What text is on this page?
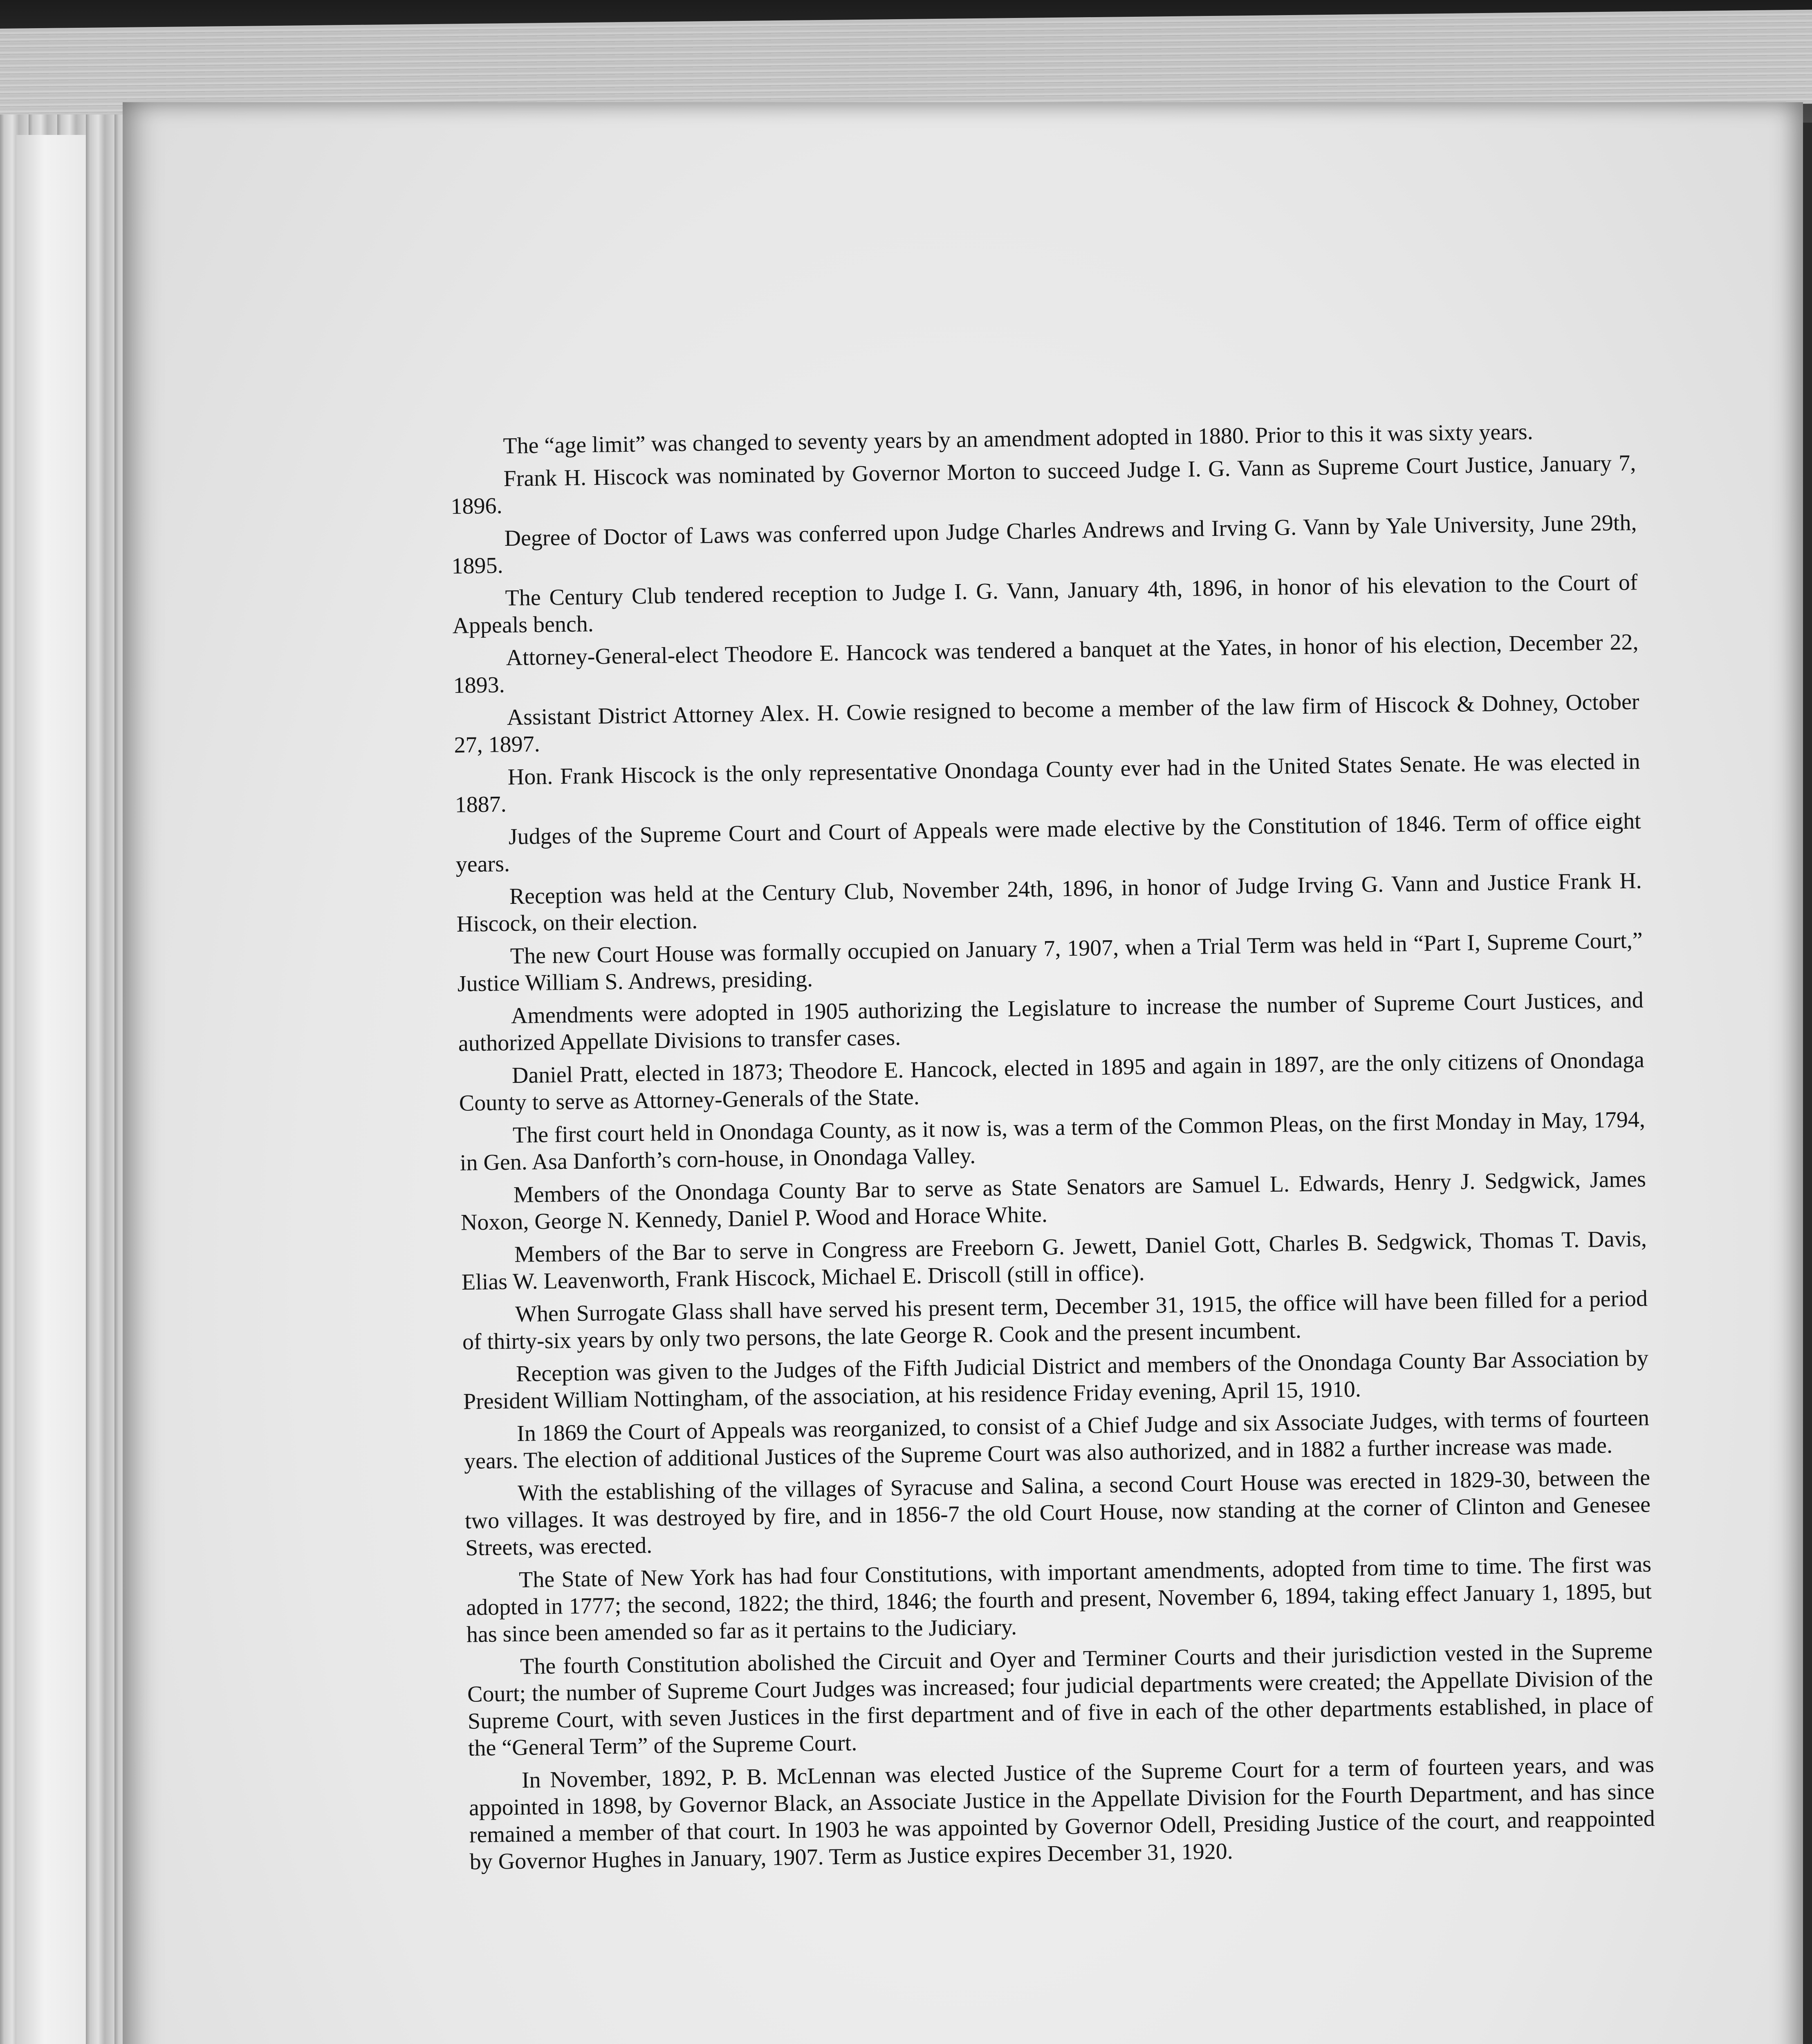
The “age limit” was changed to seventy years by an amendment adopted in 1880. Prior to this it was sixty years.

Frank H. Hiscock was nominated by Governor Morton to succeed Judge I. G. Vann as Supreme Court Justice, January 7, 1896.

Degree of Doctor of Laws was conferred upon Judge Charles Andrews and Irving G. Vann by Yale University, June 29th, 1895.

The Century Club tendered reception to Judge I. G. Vann, January 4th, 1896, in honor of his elevation to the Court of Appeals bench.

Attorney-General-elect Theodore E. Hancock was tendered a banquet at the Yates, in honor of his election, December 22, 1893.

Assistant District Attorney Alex. H. Cowie resigned to become a member of the law firm of Hiscock & Dohney, October 27, 1897.

Hon. Frank Hiscock is the only representative Onondaga County ever had in the United States Senate. He was elected in 1887.

Judges of the Supreme Court and Court of Appeals were made elective by the Constitution of 1846. Term of office eight years.

Reception was held at the Century Club, November 24th, 1896, in honor of Judge Irving G. Vann and Justice Frank H. Hiscock, on their election.

The new Court House was formally occupied on January 7, 1907, when a Trial Term was held in “Part I, Supreme Court,” Justice William S. Andrews, presiding.

Amendments were adopted in 1905 authorizing the Legislature to increase the number of Supreme Court Justices, and authorized Appellate Divisions to transfer cases.

Daniel Pratt, elected in 1873; Theodore E. Hancock, elected in 1895 and again in 1897, are the only citizens of Onondaga County to serve as Attorney-Generals of the State.

The first court held in Onondaga County, as it now is, was a term of the Common Pleas, on the first Monday in May, 1794, in Gen. Asa Danforth’s corn-house, in Onondaga Valley.

Members of the Onondaga County Bar to serve as State Senators are Samuel L. Edwards, Henry J. Sedgwick, James Noxon, George N. Kennedy, Daniel P. Wood and Horace White.

Members of the Bar to serve in Congress are Freeborn G. Jewett, Daniel Gott, Charles B. Sedgwick, Thomas T. Davis, Elias W. Leavenworth, Frank Hiscock, Michael E. Driscoll (still in office).

When Surrogate Glass shall have served his present term, December 31, 1915, the office will have been filled for a period of thirty-six years by only two persons, the late George R. Cook and the present incumbent.

Reception was given to the Judges of the Fifth Judicial District and members of the Onondaga County Bar Association by President William Nottingham, of the association, at his residence Friday evening, April 15, 1910.

In 1869 the Court of Appeals was reorganized, to consist of a Chief Judge and six Associate Judges, with terms of fourteen years. The election of additional Justices of the Supreme Court was also authorized, and in 1882 a further increase was made.

With the establishing of the villages of Syracuse and Salina, a second Court House was erected in 1829-30, between the two villages. It was destroyed by fire, and in 1856-7 the old Court House, now standing at the corner of Clinton and Genesee Streets, was erected.

The State of New York has had four Constitutions, with important amendments, adopted from time to time. The first was adopted in 1777; the second, 1822; the third, 1846; the fourth and present, November 6, 1894, taking effect January 1, 1895, but has since been amended so far as it pertains to the Judiciary.

The fourth Constitution abolished the Circuit and Oyer and Terminer Courts and their jurisdiction vested in the Supreme Court; the number of Supreme Court Judges was increased; four judicial departments were created; the Appellate Division of the Supreme Court, with seven Justices in the first department and of five in each of the other departments established, in place of the “General Term” of the Supreme Court.

In November, 1892, P. B. McLennan was elected Justice of the Supreme Court for a term of fourteen years, and was appointed in 1898, by Governor Black, an Associate Justice in the Appellate Division for the Fourth Department, and has since remained a member of that court. In 1903 he was appointed by Governor Odell, Presiding Justice of the court, and reappointed by Governor Hughes in January, 1907. Term as Justice expires December 31, 1920.
